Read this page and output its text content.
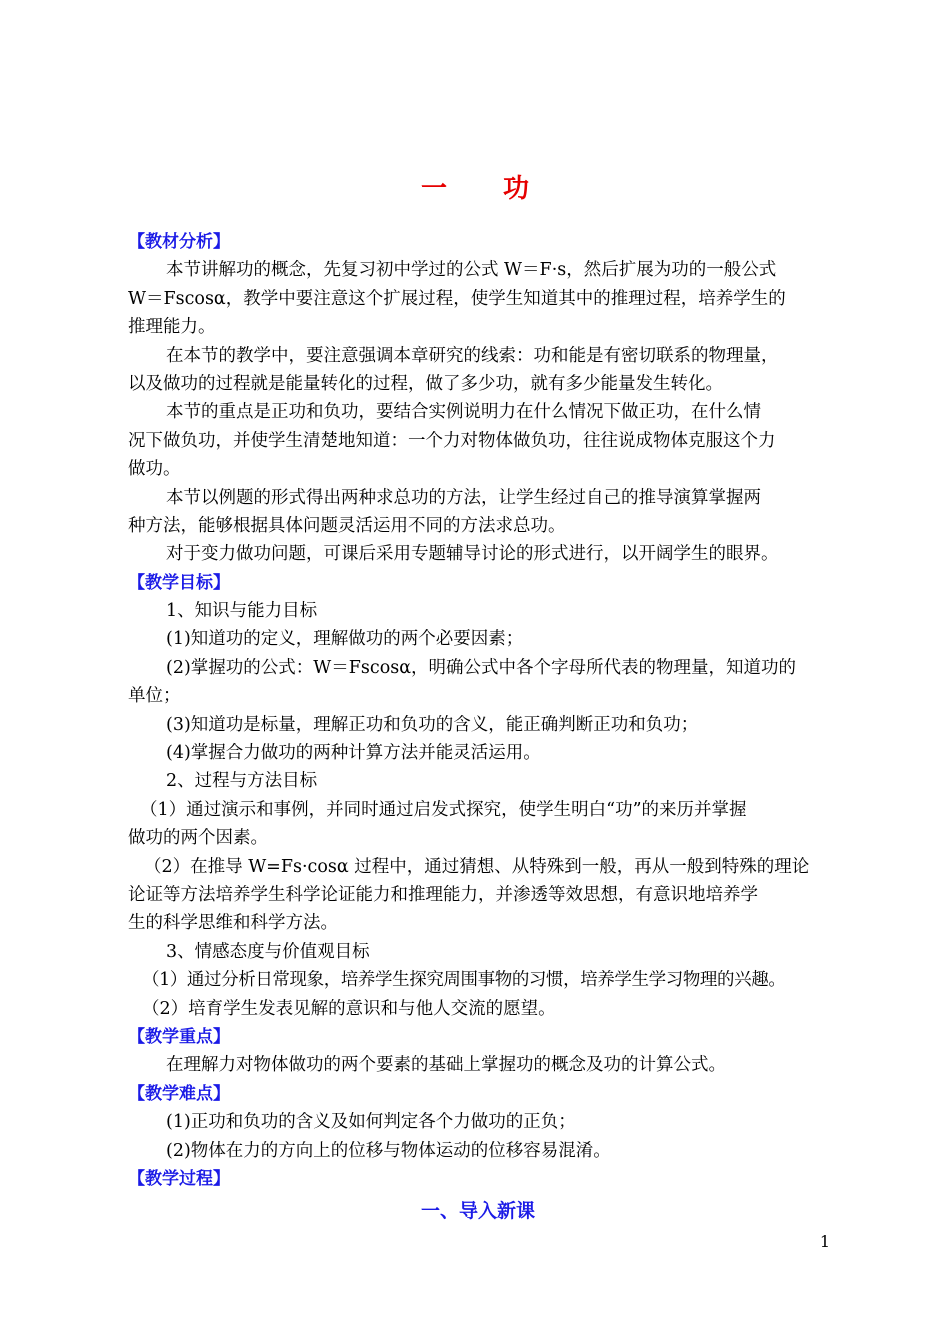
一 功
【教材分析】
本节讲解功的概念，先复习初中学过的公式 W＝F·s，然后扩展为功的一般公式
W＝Fscosα，教学中要注意这个扩展过程，使学生知道其中的推理过程，培养学生的
推理能力。
在本节的教学中，要注意强调本章研究的线索：功和能是有密切联系的物理量，
以及做功的过程就是能量转化的过程，做了多少功，就有多少能量发生转化。
本节的重点是正功和负功，要结合实例说明力在什么情况下做正功，在什么情
况下做负功，并使学生清楚地知道：一个力对物体做负功，往往说成物体克服这个力
做功。
本节以例题的形式得出两种求总功的方法，让学生经过自己的推导演算掌握两
种方法，能够根据具体问题灵活运用不同的方法求总功。
对于变力做功问题，可课后采用专题辅导讨论的形式进行，以开阔学生的眼界。
【教学目标】
1、知识与能力目标
(1)知道功的定义，理解做功的两个必要因素；
(2)掌握功的公式：W＝Fscosα，明确公式中各个字母所代表的物理量，知道功的
单位；
(3)知道功是标量，理解正功和负功的含义，能正确判断正功和负功；
(4)掌握合力做功的两种计算方法并能灵活运用。
2、过程与方法目标
（1）通过演示和事例，并同时通过启发式探究，使学生明白“功”的来历并掌握
做功的两个因素。
（2）在推导 W=Fs·cosα 过程中，通过猜想、从特殊到一般，再从一般到特殊的理论
论证等方法培养学生科学论证能力和推理能力，并渗透等效思想，有意识地培养学
生的科学思维和科学方法。
3、情感态度与价值观目标
（1）通过分析日常现象，培养学生探究周围事物的习惯，培养学生学习物理的兴趣。
（2）培育学生发表见解的意识和与他人交流的愿望。
【教学重点】
在理解力对物体做功的两个要素的基础上掌握功的概念及功的计算公式。
【教学难点】
(1)正功和负功的含义及如何判定各个力做功的正负；
(2)物体在力的方向上的位移与物体运动的位移容易混淆。
【教学过程】
一、导入新课
1
